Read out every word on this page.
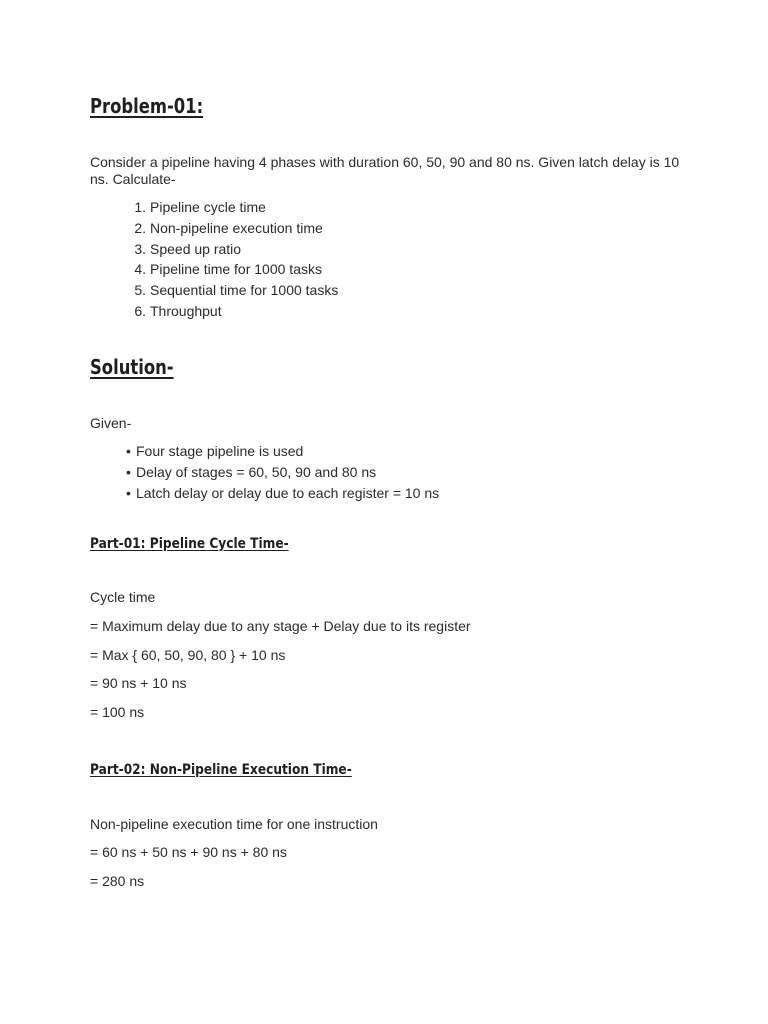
Problem-01:

Consider a pipeline having 4 phases with duration 60, 50, 90 and 80 ns. Given latch delay is 10 ns. Calculate-

1. Pipeline cycle time
2. Non-pipeline execution time
3. Speed up ratio
4. Pipeline time for 1000 tasks
5. Sequential time for 1000 tasks
6. Throughput
Solution-

Given-

• Four stage pipeline is used
• Delay of stages = 60, 50, 90 and 80 ns
• Latch delay or delay due to each register = 10 ns
Part-01: Pipeline Cycle Time-

Cycle time

= Maximum delay due to any stage + Delay due to its register

= Max { 60, 50, 90, 80 } + 10 ns

= 90 ns + 10 ns

= 100 ns

Part-02: Non-Pipeline Execution Time-

Non-pipeline execution time for one instruction

= 60 ns + 50 ns + 90 ns + 80 ns

= 280 ns
